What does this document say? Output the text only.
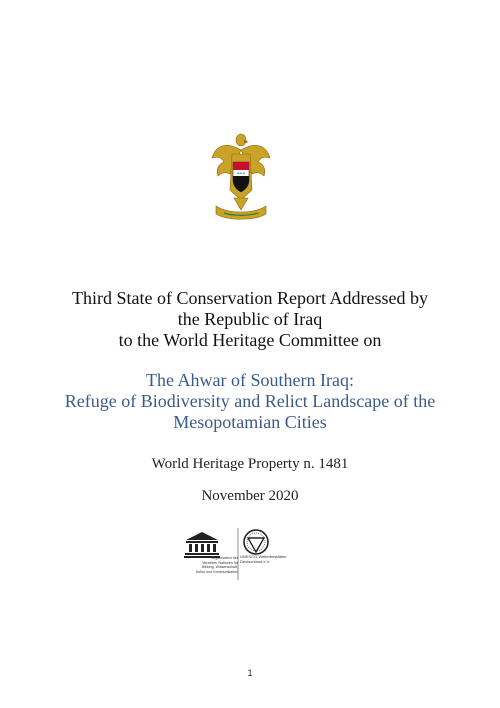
✦✦✦
Third State of Conservation Report Addressed by
the Republic of Iraq
to the World Heritage Committee on
The Ahwar of Southern Iraq:
Refuge of Biodiversity and Relict Landscape of the
Mesopotamian Cities
World Heritage Property n. 1481
November 2020
Organisation der
Vereinten Nationen für
Bildung, Wissenschaft,
Kultur und Kommunikation
UNESCO-Welterbestätten
Deutschland e.V.
1
